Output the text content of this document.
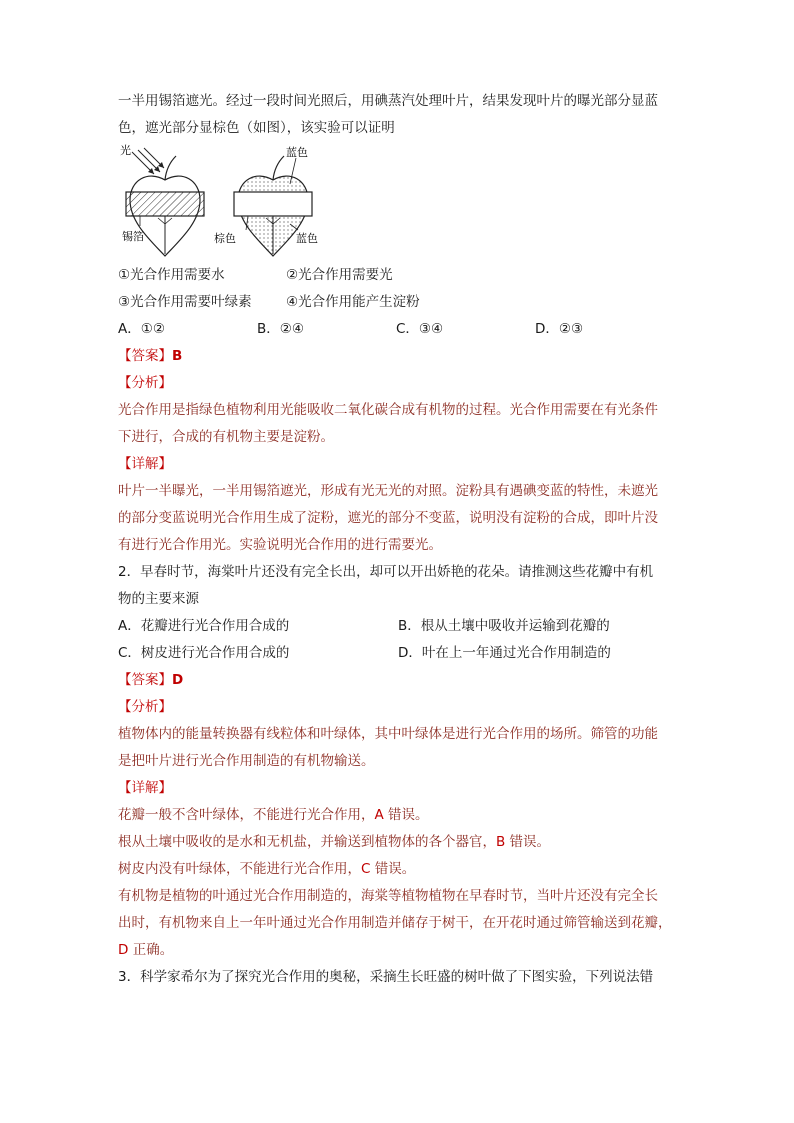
一半用锡箔遮光。经过一段时间光照后，用碘蒸汽处理叶片，结果发现叶片的曝光部分显蓝
色，遮光部分显棕色（如图），该实验可以证明
光
锡箔
蓝色
棕色	蓝色
①光合作用需要水	②光合作用需要光
③光合作用需要叶绿素	④光合作用能产生淀粉
A．①②	B．②④	C．③④	D．②③
【答案】B
【分析】
光合作用是指绿色植物利用光能吸收二氧化碳合成有机物的过程。光合作用需要在有光条件
下进行，合成的有机物主要是淀粉。
【详解】
叶片一半曝光，一半用锡箔遮光，形成有光无光的对照。淀粉具有遇碘变蓝的特性，未遮光
的部分变蓝说明光合作用生成了淀粉，遮光的部分不变蓝，说明没有淀粉的合成，即叶片没
有进行光合作用光。实验说明光合作用的进行需要光。
2．早春时节，海棠叶片还没有完全长出，却可以开出娇艳的花朵。请推测这些花瓣中有机
物的主要来源
A．花瓣进行光合作用合成的	B．根从土壤中吸收并运输到花瓣的
C．树皮进行光合作用合成的	D．叶在上一年通过光合作用制造的
【答案】D
【分析】
植物体内的能量转换器有线粒体和叶绿体，其中叶绿体是进行光合作用的场所。筛管的功能
是把叶片进行光合作用制造的有机物输送。
【详解】
花瓣一般不含叶绿体，不能进行光合作用，A 错误。
根从土壤中吸收的是水和无机盐，并输送到植物体的各个器官，B 错误。
树皮内没有叶绿体，不能进行光合作用，C 错误。
有机物是植物的叶通过光合作用制造的，海棠等植物植物在早春时节，当叶片还没有完全长
出时，有机物来自上一年叶通过光合作用制造并储存于树干，在开花时通过筛管输送到花瓣，
D 正确。
3．科学家希尔为了探究光合作用的奥秘，采摘生长旺盛的树叶做了下图实验，下列说法错
